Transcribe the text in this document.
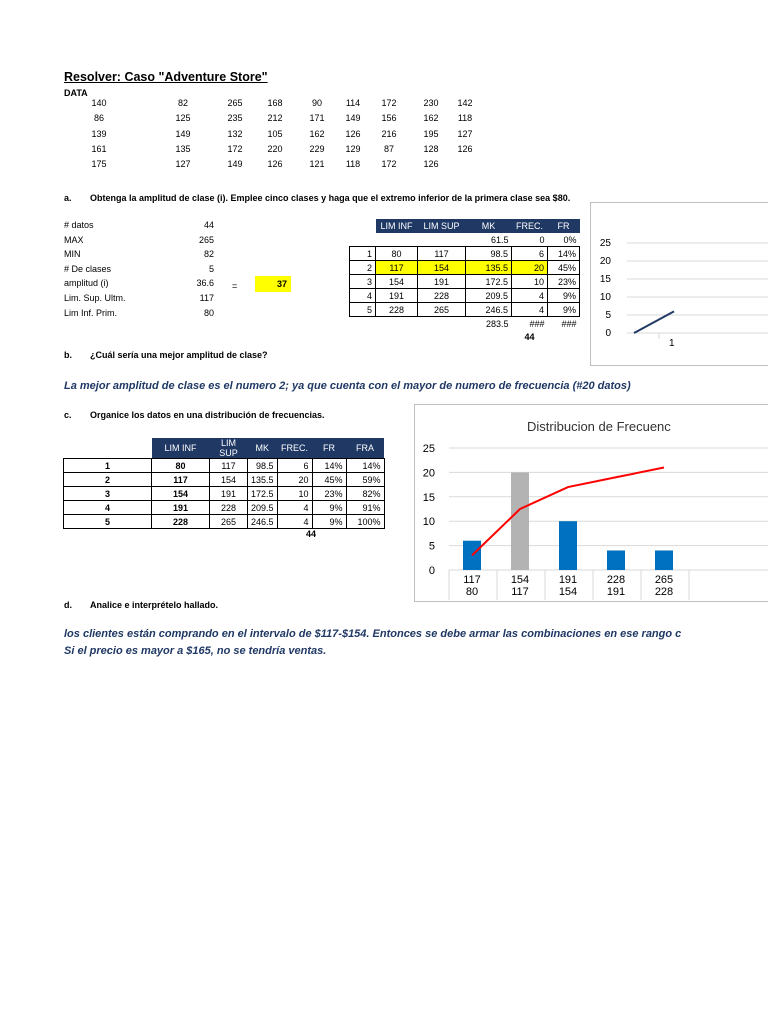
Resolver: Caso "Adventure Store"
DATA
140	82	265	168	90	114	172	230	142
86	125	235	212	171	149	156	162	118
139	149	132	105	162	126	216	195	127
161	135	172	220	229	129	87	128	126
175	127	149	126	121	118	172	126
a. Obtenga la amplitud de clase (i). Emplee cinco clases y haga que el extremo inferior de la primera clase sea $80.
# datos	44
MAX	265
MIN	82
# De clases	5
amplitud (i)	36.6
Lim. Sup. Ultm.	117
Lim Inf. Prim.	80
=	37
	LIM INF	LIM SUP	MK	FREC.	FR
			61.5	0	0%
1	80	117	98.5	6	14%
2	117	154	135.5	20	45%
3	154	191	172.5	10	23%
4	191	228	209.5	4	9%
5	228	265	246.5	4	9%
			283.5	###	###
				44		0
5
10
15
20
25
1
b. ¿Cuál sería una mejor amplitud de clase?
La mejor amplitud de clase es el numero 2; ya que cuenta con el mayor de numero de frecuencia (#20 datos)
c. Organice los datos en una distribución de frecuencias.
	LIM INF	LIM SUP	MK	FREC.	FR	FRA
1	80	117	98.5	6	14%	14%
2	117	154	135.5	20	45%	59%
3	154	191	172.5	10	23%	82%
4	191	228	209.5	4	9%	91%
5	228	265	246.5	4	9%	100%
44
Distribucion de Frecuenc
0
5
10
15
20
25
117
80
154
117
191
154
228
191
265
228
d. Analice e interprételo hallado.
los clientes están comprando en el intervalo de $117-$154. Entonces se debe armar las combinaciones en ese rango c
Si el precio es mayor a $165, no se tendría ventas.
